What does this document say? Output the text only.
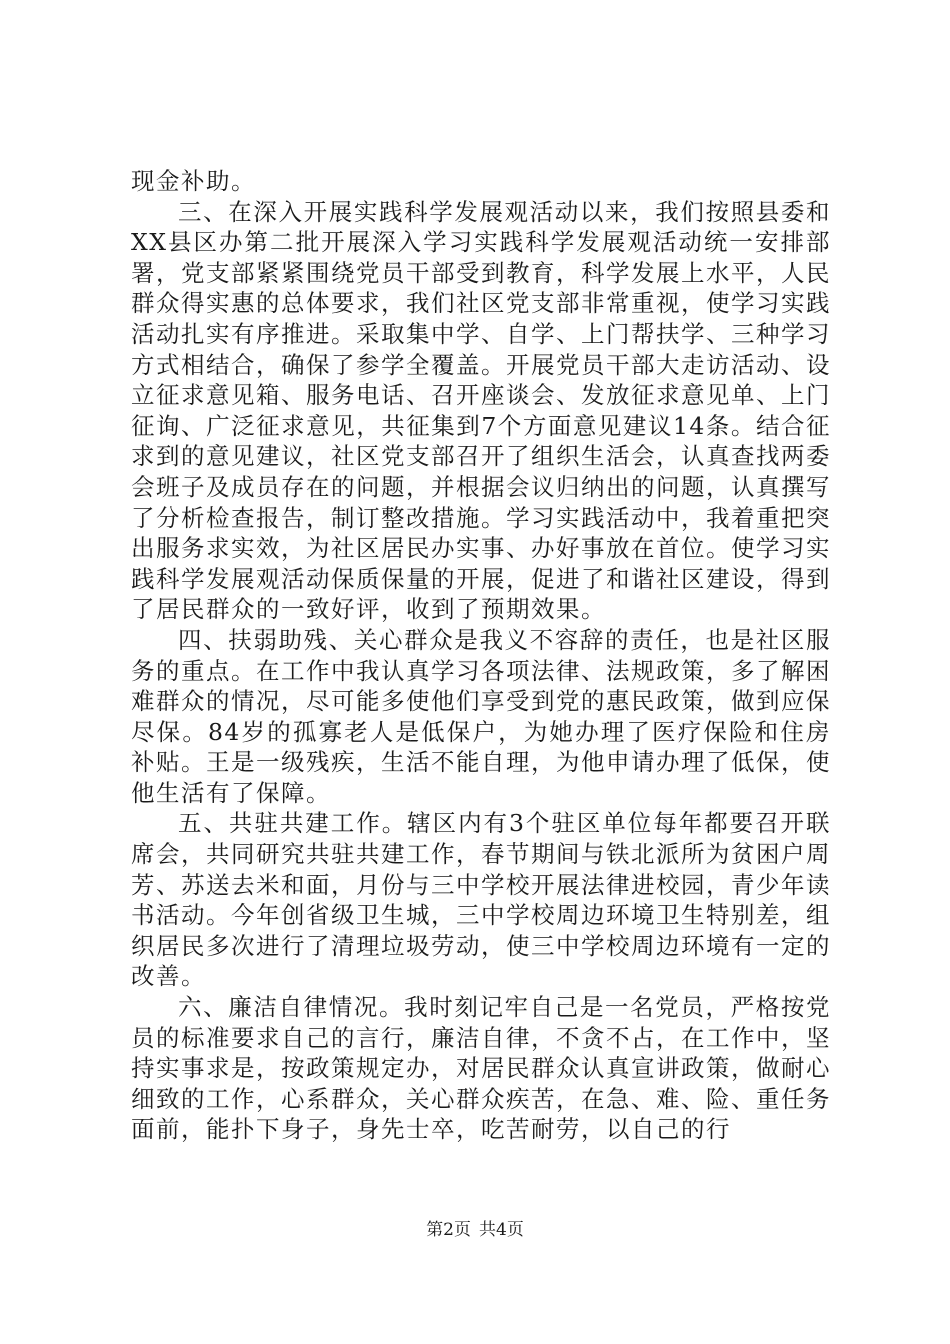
现金补助。

三、在深入开展实践科学发展观活动以来，我们按照县委和XX县区办第二批开展深入学习实践科学发展观活动统一安排部署，党支部紧紧围绕党员干部受到教育，科学发展上水平，人民群众得实惠的总体要求，我们社区党支部非常重视，使学习实践活动扎实有序推进。采取集中学、自学、上门帮扶学、三种学习方式相结合，确保了参学全覆盖。开展党员干部大走访活动、设立征求意见箱、服务电话、召开座谈会、发放征求意见单、上门征询、广泛征求意见，共征集到7个方面意见建议14条。结合征求到的意见建议，社区党支部召开了组织生活会，认真查找两委会班子及成员存在的问题，并根据会议归纳出的问题，认真撰写了分析检查报告，制订整改措施。学习实践活动中，我着重把突出服务求实效，为社区居民办实事、办好事放在首位。使学习实践科学发展观活动保质保量的开展，促进了和谐社区建设，得到了居民群众的一致好评，收到了预期效果。

四、扶弱助残、关心群众是我义不容辞的责任，也是社区服务的重点。在工作中我认真学习各项法律、法规政策，多了解困难群众的情况，尽可能多使他们享受到党的惠民政策，做到应保尽保。84岁的孤寡老人是低保户，为她办理了医疗保险和住房补贴。王是一级残疾，生活不能自理，为他申请办理了低保，使他生活有了保障。

五、共驻共建工作。辖区内有3个驻区单位每年都要召开联席会，共同研究共驻共建工作，春节期间与铁北派所为贫困户周芳、苏送去米和面，月份与三中学校开展法律进校园，青少年读书活动。今年创省级卫生城，三中学校周边环境卫生特别差，组织居民多次进行了清理垃圾劳动，使三中学校周边环境有一定的改善。

六、廉洁自律情况。我时刻记牢自己是一名党员，严格按党员的标准要求自己的言行，廉洁自律，不贪不占，在工作中，坚持实事求是，按政策规定办，对居民群众认真宣讲政策，做耐心细致的工作，心系群众，关心群众疾苦，在急、难、险、重任务面前，能扑下身子，身先士卒，吃苦耐劳，以自己的行

第2页 共4页
